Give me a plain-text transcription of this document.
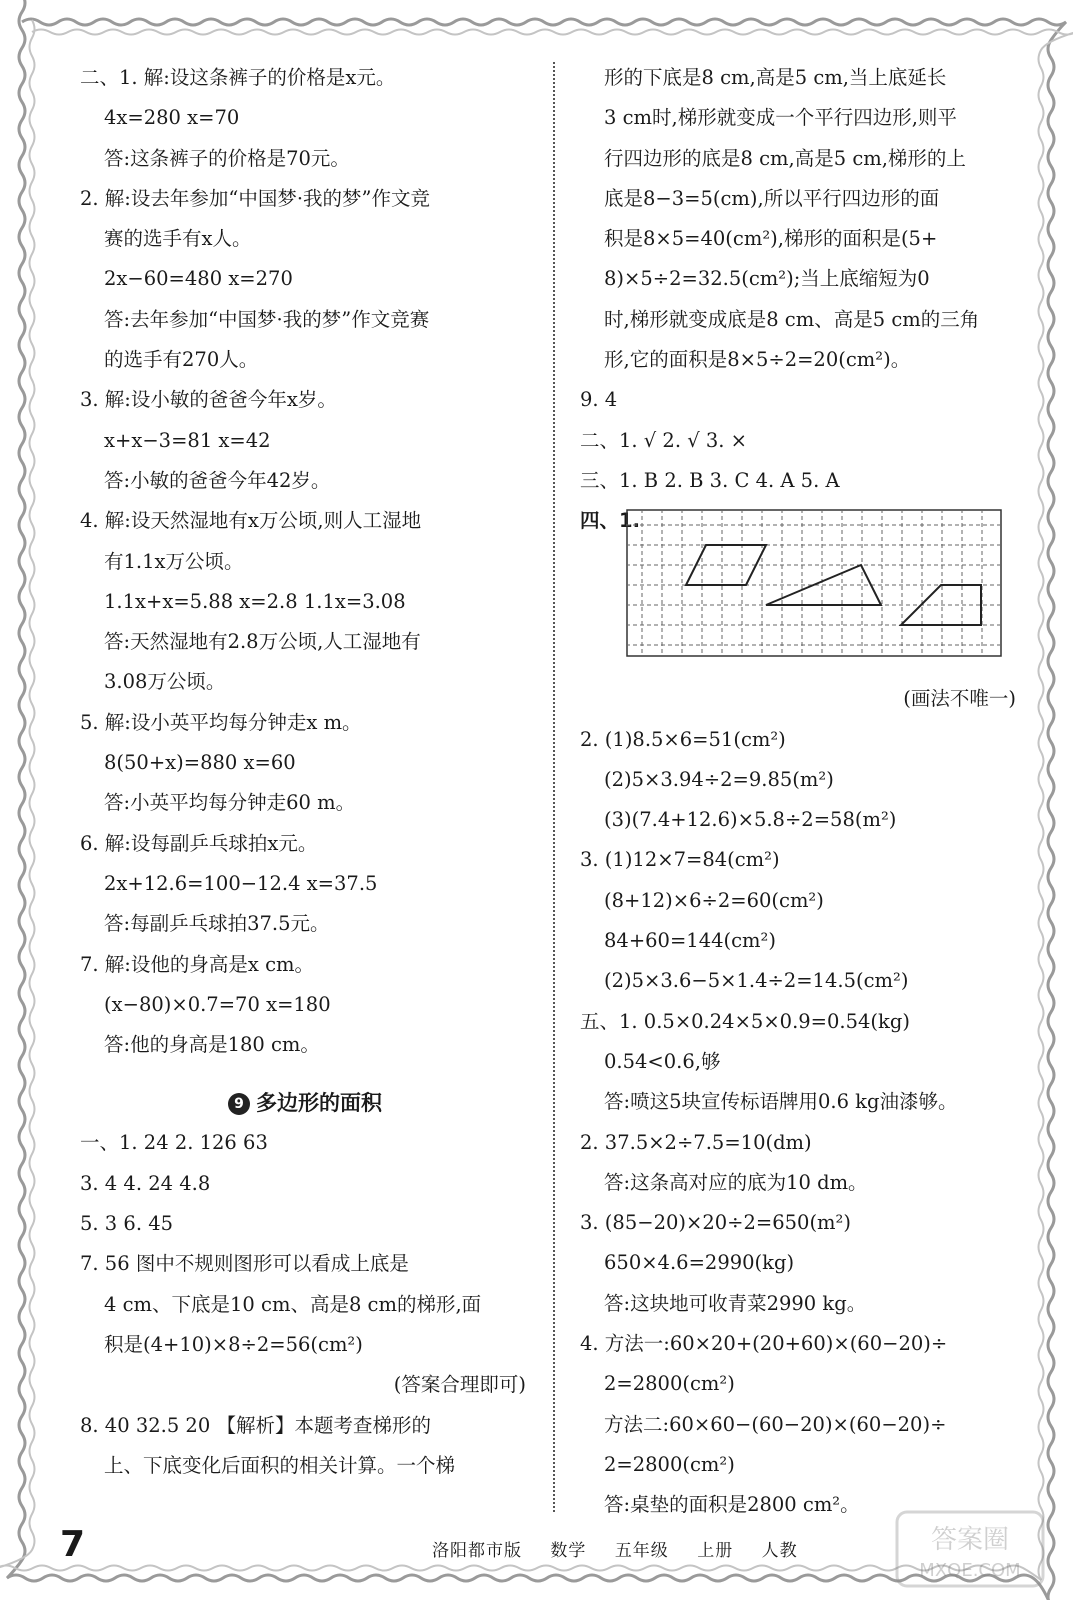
二、1. 解:设这条裤子的价格是x元。
4x=280 x=70
答:这条裤子的价格是70元。
2. 解:设去年参加“中国梦·我的梦”作文竞
赛的选手有x人。
2x−60=480 x=270
答:去年参加“中国梦·我的梦”作文竞赛
的选手有270人。
3. 解:设小敏的爸爸今年x岁。
x+x−3=81 x=42
答:小敏的爸爸今年42岁。
4. 解:设天然湿地有x万公顷,则人工湿地
有1.1x万公顷。
1.1x+x=5.88 x=2.8 1.1x=3.08
答:天然湿地有2.8万公顷,人工湿地有
3.08万公顷。
5. 解:设小英平均每分钟走x m。
8(50+x)=880 x=60
答:小英平均每分钟走60 m。
6. 解:设每副乒乓球拍x元。
2x+12.6=100−12.4 x=37.5
答:每副乒乓球拍37.5元。
7. 解:设他的身高是x cm。
(x−80)×0.7=70 x=180
答:他的身高是180 cm。
9 多边形的面积
一、1. 24 2. 126 63
3. 4 4. 24 4.8
5. 3 6. 45
7. 56 图中不规则图形可以看成上底是
4 cm、下底是10 cm、高是8 cm的梯形,面
积是(4+10)×8÷2=56(cm²)
(答案合理即可)
8. 40 32.5 20 【解析】本题考查梯形的
上、下底变化后面积的相关计算。一个梯
形的下底是8 cm,高是5 cm,当上底延长
3 cm时,梯形就变成一个平行四边形,则平
行四边形的底是8 cm,高是5 cm,梯形的上
底是8−3=5(cm),所以平行四边形的面
积是8×5=40(cm²),梯形的面积是(5+
8)×5÷2=32.5(cm²);当上底缩短为0
时,梯形就变成底是8 cm、高是5 cm的三角
形,它的面积是8×5÷2=20(cm²)。
9. 4
二、1. √ 2. √ 3. ×
三、1. B 2. B 3. C 4. A 5. A
四、1.
(画法不唯一)
2. (1)8.5×6=51(cm²)
(2)5×3.94÷2=9.85(m²)
(3)(7.4+12.6)×5.8÷2=58(m²)
3. (1)12×7=84(cm²)
(8+12)×6÷2=60(cm²)
84+60=144(cm²)
(2)5×3.6−5×1.4÷2=14.5(cm²)
五、1. 0.5×0.24×5×0.9=0.54(kg)
0.54<0.6,够
答:喷这5块宣传标语牌用0.6 kg油漆够。
2. 37.5×2÷7.5=10(dm)
答:这条高对应的底为10 dm。
3. (85−20)×20÷2=650(m²)
650×4.6=2990(kg)
答:这块地可收青菜2990 kg。
4. 方法一:60×20+(20+60)×(60−20)÷
2=2800(cm²)
方法二:60×60−(60−20)×(60−20)÷
2=2800(cm²)
答:桌垫的面积是2800 cm²。
7	洛阳都市版 数学 五年级 上册 人教	答案圈
MXQE.COM
